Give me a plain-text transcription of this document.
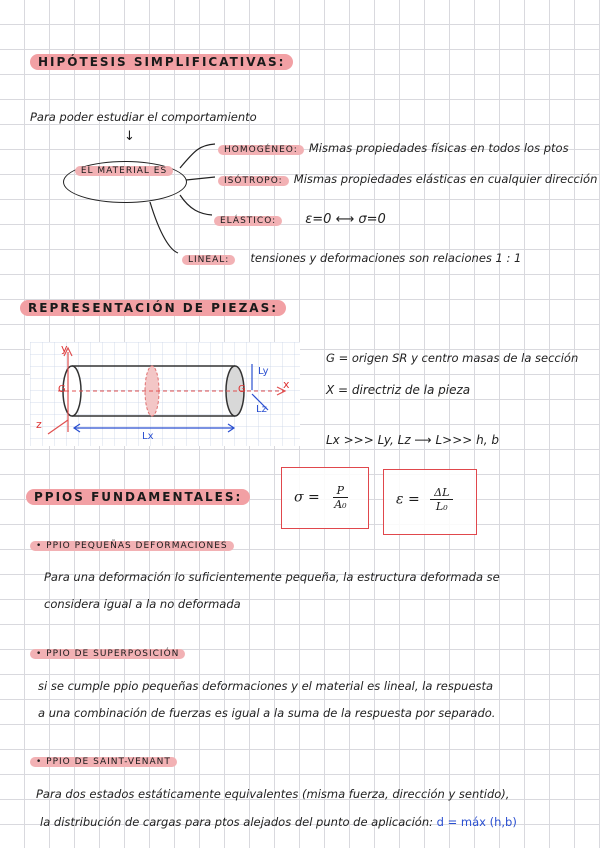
HIPÓTESIS SIMPLIFICATIVAS:
Para poder estudiar el comportamiento
↓
EL MATERIAL ES
HOMOGÉNEO: Mismas propiedades físicas en todos los ptos
ISÓTROPO: Mismas propiedades elásticas en cualquier dirección
ELÁSTICO: ε=0 ⟷ σ=0
LINEAL: tensiones y deformaciones son relaciones 1 : 1
REPRESENTACIÓN DE PIEZAS:
y
z
x
G	G
Ly
Lz
Lx
G = origen SR y centro masas de la sección
X = directriz de la pieza
Lx >>> Ly, Lz ⟶ L>>> h, b
PPIOS FUNDAMENTALES:	$\sigma = \frac{P}{\text{A₀}}$	$\varepsilon = \frac{\Delta L}{\text{L₀}}$
• PPIO PEQUEÑAS DEFORMACIONES
Para una deformación lo suficientemente pequeña, la estructura deformada se
considera igual a la no deformada
• PPIO DE SUPERPOSICIÓN
si se cumple ppio pequeñas deformaciones y el material es lineal, la respuesta
a una combinación de fuerzas es igual a la suma de la respuesta por separado.
• PPIO DE SAINT-VENANT
Para dos estados estáticamente equivalentes (misma fuerza, dirección y sentido),
la distribución de cargas para ptos alejados del punto de aplicación: d = máx (h,b)
